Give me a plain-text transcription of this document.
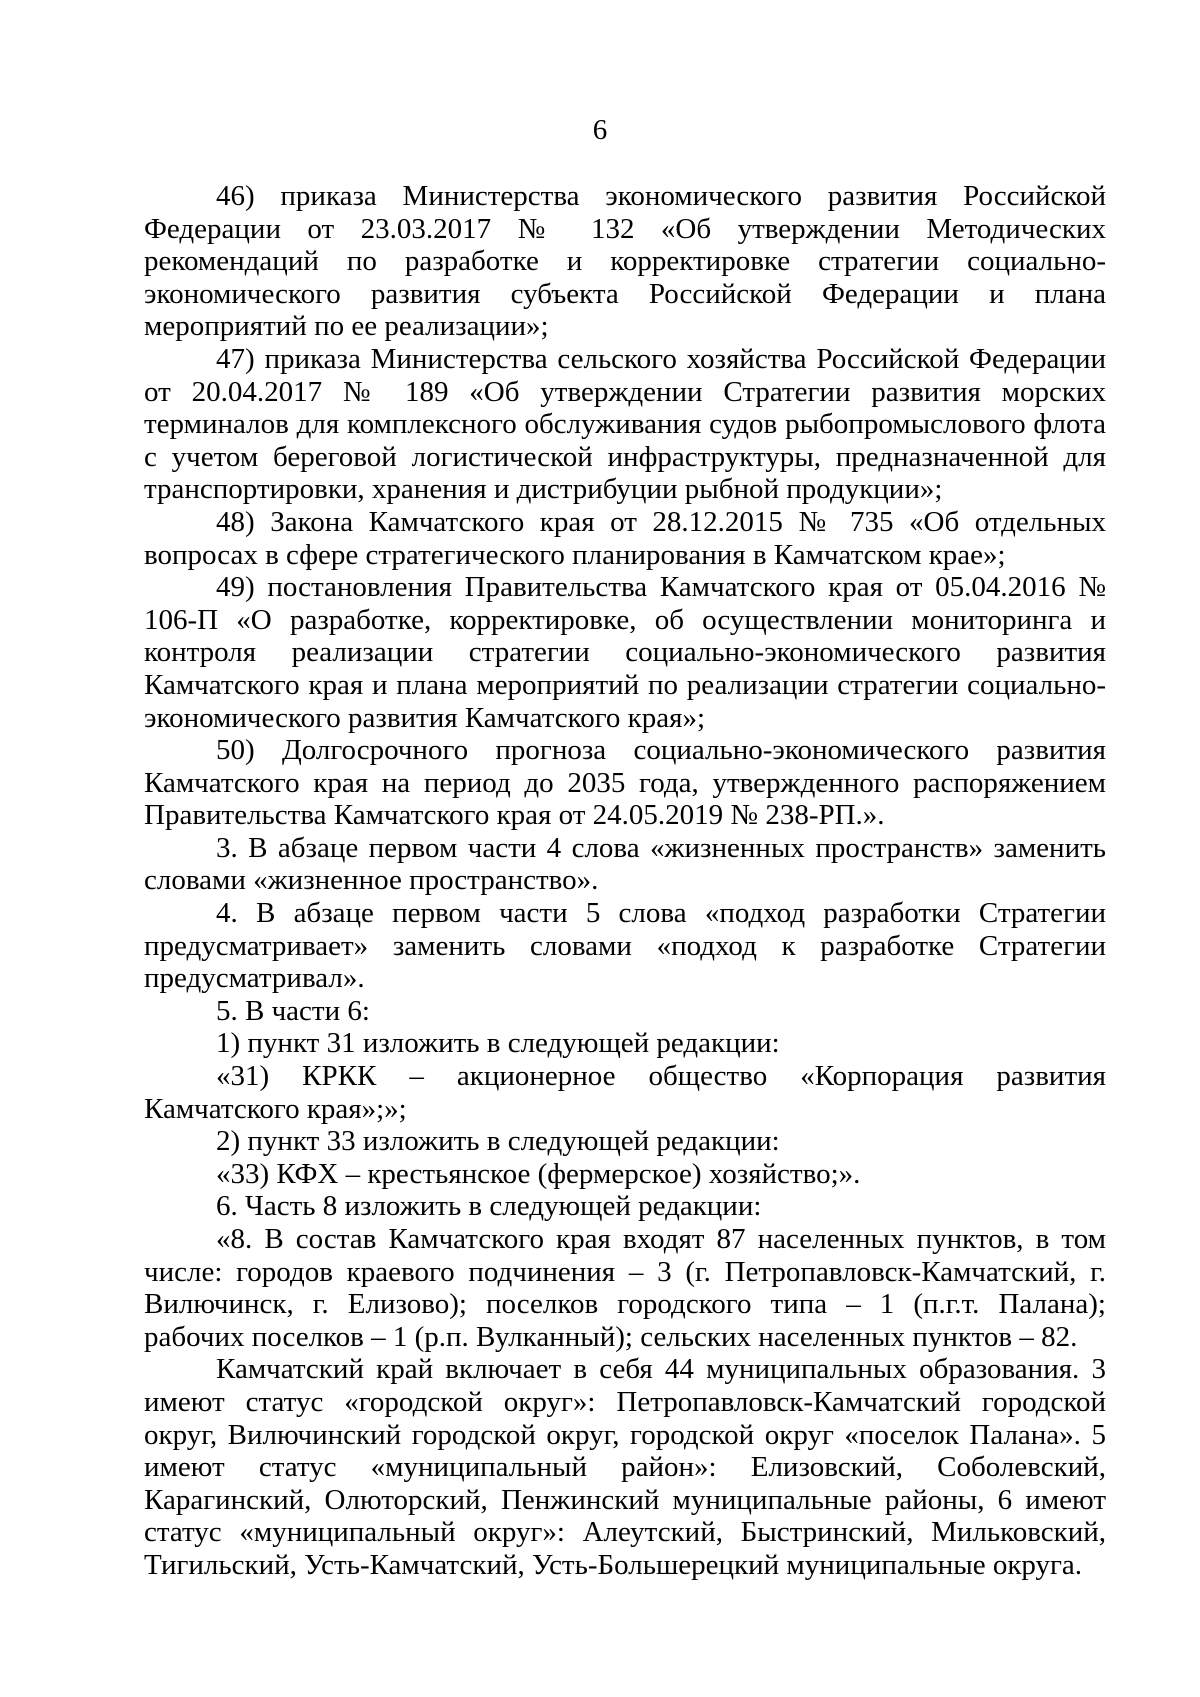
6

46) приказа Министерства экономического развития Российской Федерации от 23.03.2017 № 132 «Об утверждении Методических рекомендаций по разработке и корректировке стратегии социально-экономического развития субъекта Российской Федерации и плана мероприятий по ее реализации»;

47) приказа Министерства сельского хозяйства Российской Федерации от 20.04.2017 № 189 «Об утверждении Стратегии развития морских терминалов для комплексного обслуживания судов рыбопромыслового флота с учетом береговой логистической инфраструктуры, предназначенной для транспортировки, хранения и дистрибуции рыбной продукции»;

48) Закона Камчатского края от 28.12.2015 № 735 «Об отдельных вопросах в сфере стратегического планирования в Камчатском крае»;

49) постановления Правительства Камчатского края от 05.04.2016 № 106-П «О разработке, корректировке, об осуществлении мониторинга и контроля реализации стратегии социально-экономического развития Камчатского края и плана мероприятий по реализации стратегии социально-экономического развития Камчатского края»;

50) Долгосрочного прогноза социально-экономического развития Камчатского края на период до 2035 года, утвержденного распоряжением Правительства Камчатского края от 24.05.2019 № 238-РП.».

3. В абзаце первом части 4 слова «жизненных пространств» заменить словами «жизненное пространство».

4. В абзаце первом части 5 слова «подход разработки Стратегии предусматривает» заменить словами «подход к разработке Стратегии предусматривал».

5. В части 6:

1) пункт 31 изложить в следующей редакции:

«31) КРКК – акционерное общество «Корпорация развития Камчатского края»;»;

2) пункт 33 изложить в следующей редакции:

«33) КФХ – крестьянское (фермерское) хозяйство;».

6. Часть 8 изложить в следующей редакции:

«8. В состав Камчатского края входят 87 населенных пунктов, в том числе: городов краевого подчинения – 3 (г. Петропавловск-Камчатский, г. Вилючинск, г. Елизово); поселков городского типа – 1 (п.г.т. Палана); рабочих поселков – 1 (р.п. Вулканный); сельских населенных пунктов – 82.

Камчатский край включает в себя 44 муниципальных образования. 3 имеют статус «городской округ»: Петропавловск-Камчатский городской округ, Вилючинский городской округ, городской округ «поселок Палана». 5 имеют статус «муниципальный район»: Елизовский, Соболевский, Карагинский, Олюторский, Пенжинский муниципальные районы, 6 имеют статус «муниципальный округ»: Алеутский, Быстринский, Мильковский, Тигильский, Усть-Камчатский, Усть-Большерецкий муниципальные округа.
